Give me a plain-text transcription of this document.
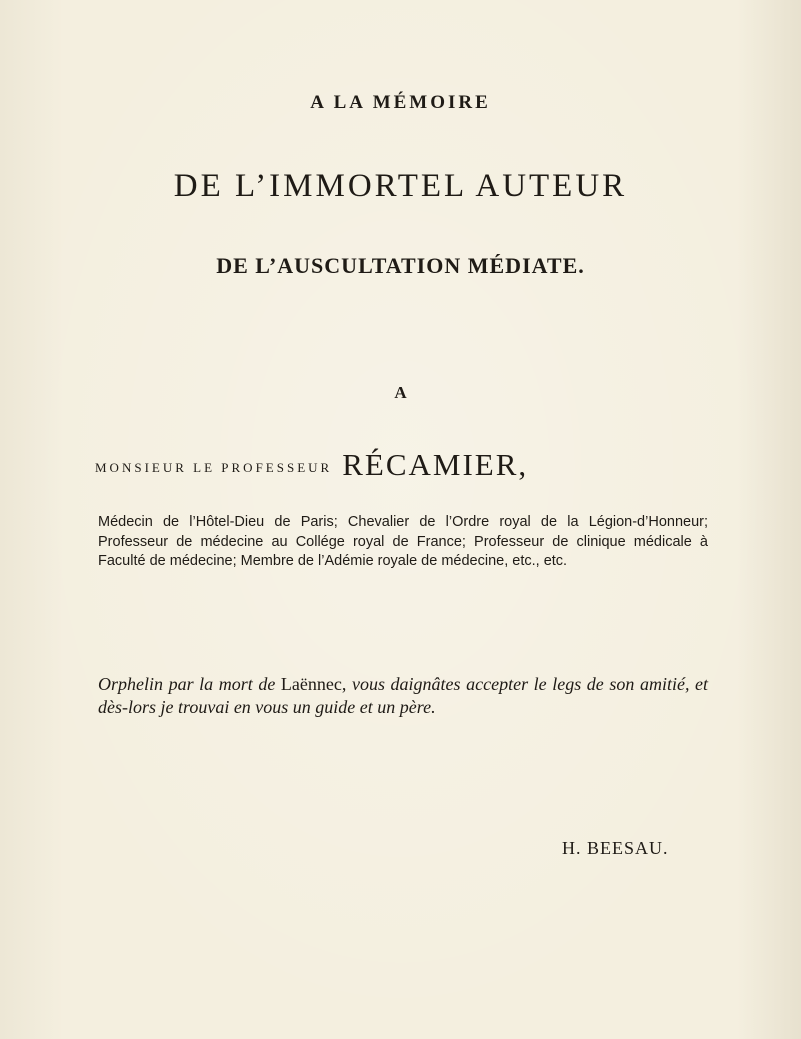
A LA MÉMOIRE
DE L’IMMORTEL AUTEUR
DE L’AUSCULTATION MÉDIATE.
A
MONSIEUR LE PROFESSEUR RÉCAMIER,
Médecin de l’Hôtel-Dieu de Paris; Chevalier de l’Ordre royal de la Légion-d’Honneur; Professeur de médecine au Collége royal de France; Professeur de clinique médicale à Faculté de médecine; Membre de l’Adémie royale de médecine, etc., etc.
Orphelin par la mort de Laënnec, vous daignâtes accepter le legs de son amitié, et dès-lors je trouvai en vous un guide et un père.
H. BEESAU.
